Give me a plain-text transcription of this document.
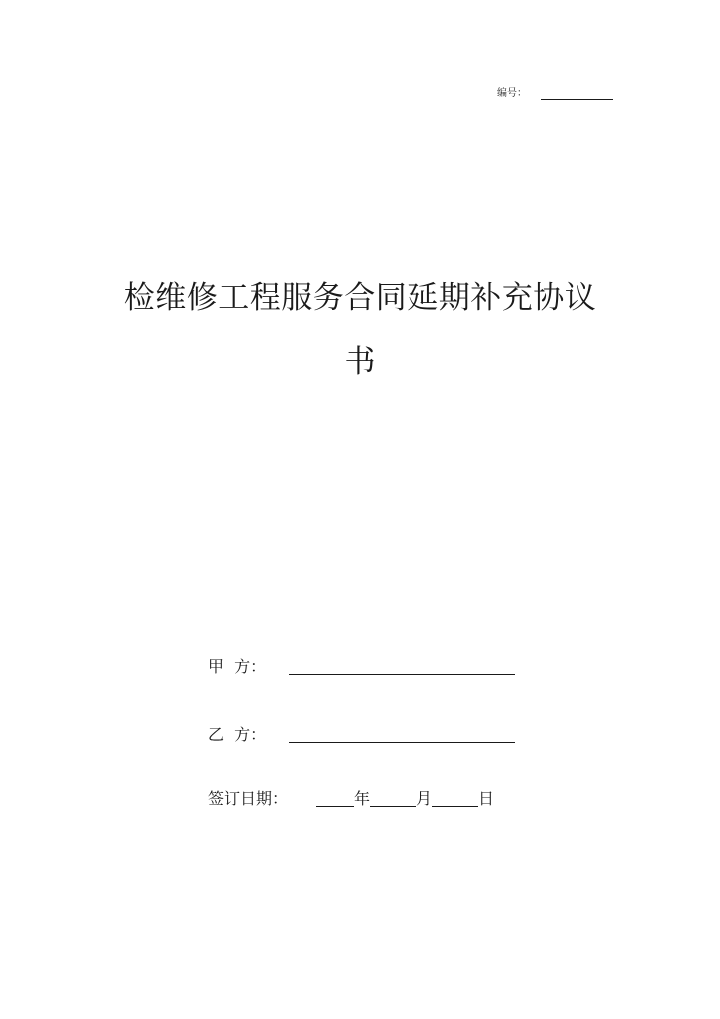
编号：
检维修工程服务合同延期补充协议
书
甲  方：
乙  方：
签订日期：	年	月	日
